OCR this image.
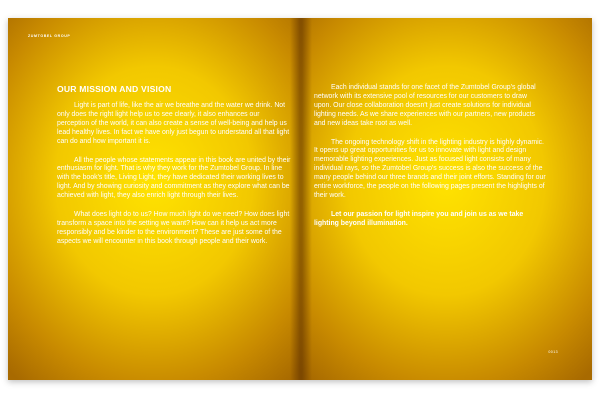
ZUMTOBEL GROUP
OUR MISSION AND VISION

Light is part of life, like the air we breathe and the water we drink. Not only does the right light help us to see clearly, it also enhances our perception of the world, it can also create a sense of well-being and help us lead healthy lives. In fact we have only just begun to understand all that light can do and how important it is.

All the people whose statements appear in this book are united by their enthusiasm for light. That is why they work for the Zumtobel Group. In line with the book's title, Living Light, they have dedicated their working lives to light. And by showing curiosity and commitment as they explore what can be achieved with light, they also enrich light through their lives.

What does light do to us? How much light do we need? How does light transform a space into the setting we want? How can it help us act more responsibly and be kinder to the environment? These are just some of the aspects we will encounter in this book through people and their work.

Each individual stands for one facet of the Zumtobel Group's global network with its extensive pool of resources for our customers to draw upon. Our close collaboration doesn't just create solutions for individual lighting needs. As we share experiences with our partners, new products and new ideas take root as well.

The ongoing technology shift in the lighting industry is highly dynamic. It opens up great opportunities for us to innovate with light and design memorable lighting experiences. Just as focused light consists of many individual rays, so the Zumtobel Group's success is also the success of the many people behind our three brands and their joint efforts. Standing for our entire workforce, the people on the following pages present the highlights of their work.

Let our passion for light inspire you and join us as we take lighting beyond illumination.

0013
